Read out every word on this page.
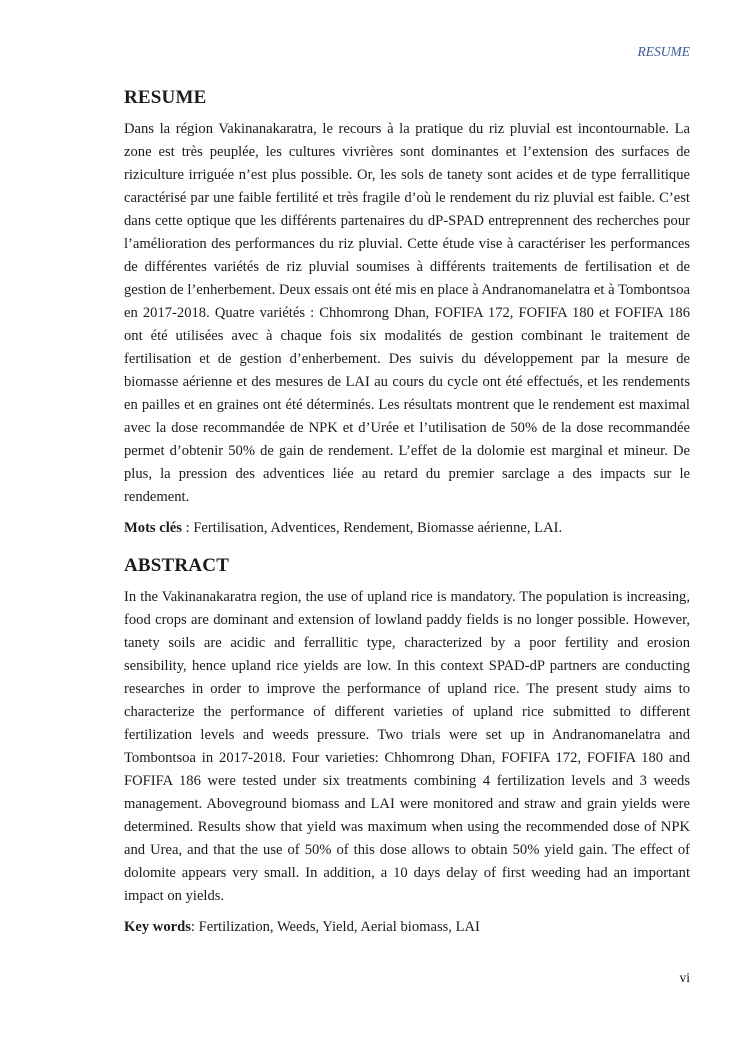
RESUME
RESUME

Dans la région Vakinanakaratra, le recours à la pratique du riz pluvial est incontournable. La zone est très peuplée, les cultures vivrières sont dominantes et l’extension des surfaces de riziculture irriguée n’est plus possible. Or, les sols de tanety sont acides et de type ferrallitique caractérisé par une faible fertilité et très fragile d’où le rendement du riz pluvial est faible. C’est dans cette optique que les différents partenaires du dP-SPAD entreprennent des recherches pour l’amélioration des performances du riz pluvial. Cette étude vise à caractériser les performances de différentes variétés de riz pluvial soumises à différents traitements de fertilisation et de gestion de l’enherbement. Deux essais ont été mis en place à Andranomanelatra et à Tombontsoa en 2017-2018. Quatre variétés : Chhomrong Dhan, FOFIFA 172, FOFIFA 180 et FOFIFA 186 ont été utilisées avec à chaque fois six modalités de gestion combinant le traitement de fertilisation et de gestion d’enherbement. Des suivis du développement par la mesure de biomasse aérienne et des mesures de LAI au cours du cycle ont été effectués, et les rendements en pailles et en graines ont été déterminés. Les résultats montrent que le rendement est maximal avec la dose recommandée de NPK et d’Urée et l’utilisation de 50% de la dose recommandée permet d’obtenir 50% de gain de rendement. L’effet de la dolomie est marginal et mineur. De plus, la pression des adventices liée au retard du premier sarclage a des impacts sur le rendement.

Mots clés : Fertilisation, Adventices, Rendement, Biomasse aérienne, LAI.

ABSTRACT

In the Vakinanakaratra region, the use of upland rice is mandatory. The population is increasing, food crops are dominant and extension of lowland paddy fields is no longer possible. However, tanety soils are acidic and ferrallitic type, characterized by a poor fertility and erosion sensibility, hence upland rice yields are low. In this context SPAD-dP partners are conducting researches in order to improve the performance of upland rice. The present study aims to characterize the performance of different varieties of upland rice submitted to different fertilization levels and weeds pressure. Two trials were set up in Andranomanelatra and Tombontsoa in 2017-2018. Four varieties: Chhomrong Dhan, FOFIFA 172, FOFIFA 180 and FOFIFA 186 were tested under six treatments combining 4 fertilization levels and 3 weeds management. Aboveground biomass and LAI were monitored and straw and grain yields were determined. Results show that yield was maximum when using the recommended dose of NPK and Urea, and that the use of 50% of this dose allows to obtain 50% yield gain. The effect of dolomite appears very small. In addition, a 10 days delay of first weeding had an important impact on yields.

Key words: Fertilization, Weeds, Yield, Aerial biomass, LAI

vi
